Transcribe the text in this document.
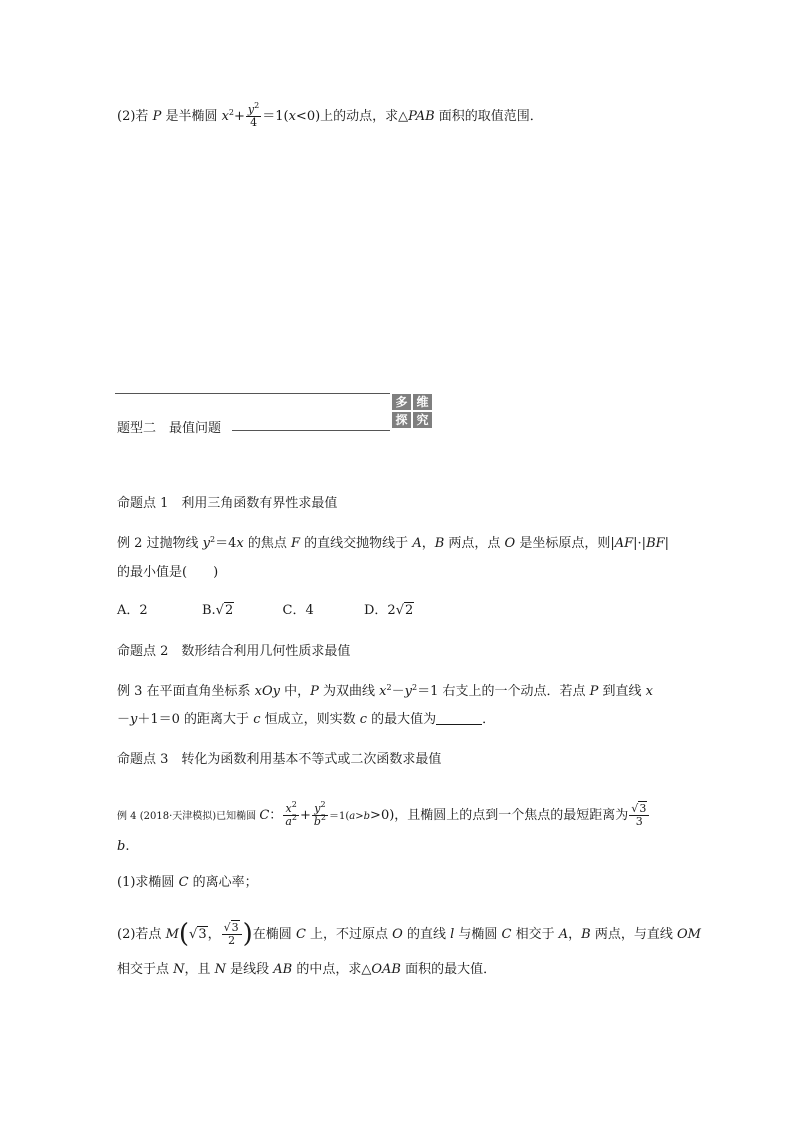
(2)若 P 是半椭圆 $x^2+ \frac{y^2}{4} =1(x<0)$上的动点，求△PAB 面积的取值范围．
题型二　最值问题
多 维
探 究
命题点 1　利用三角函数有界性求最值
例 2 过抛物线 $y^2=4x$ 的焦点 F 的直线交抛物线于 A，B 两点，点 O 是坐标原点，则|AF|·|BF|
的最小值是(　　)
A．2	B.√2	C．4	D．2√2
命题点 2　数形结合利用几何性质求最值
例 3 在平面直角坐标系 xOy 中，P 为双曲线 $x^2-y^2=1$ 右支上的一个动点．若点 P 到直线 x
－y＋1＝0 的距离大于 c 恒成立，则实数 c 的最大值为	．
命题点 3　转化为函数利用基本不等式或二次函数求最值
例 4 (2018·天津模拟)已知椭圆 C： $\frac{x^2}{a^2} + \frac{y^2}{b^2} =1(a>b>0)$，且椭圆上的点到一个焦点的最短距离为 $\frac{√3}{3}$
b.
(1)求椭圆 C 的离心率；
(2)若点 M(√3， $\frac{√3}{2}$ )在椭圆 C 上，不过原点 O 的直线 l 与椭圆 C 相交于 A，B 两点，与直线 OM
相交于点 N，且 N 是线段 AB 的中点，求△OAB 面积的最大值．
